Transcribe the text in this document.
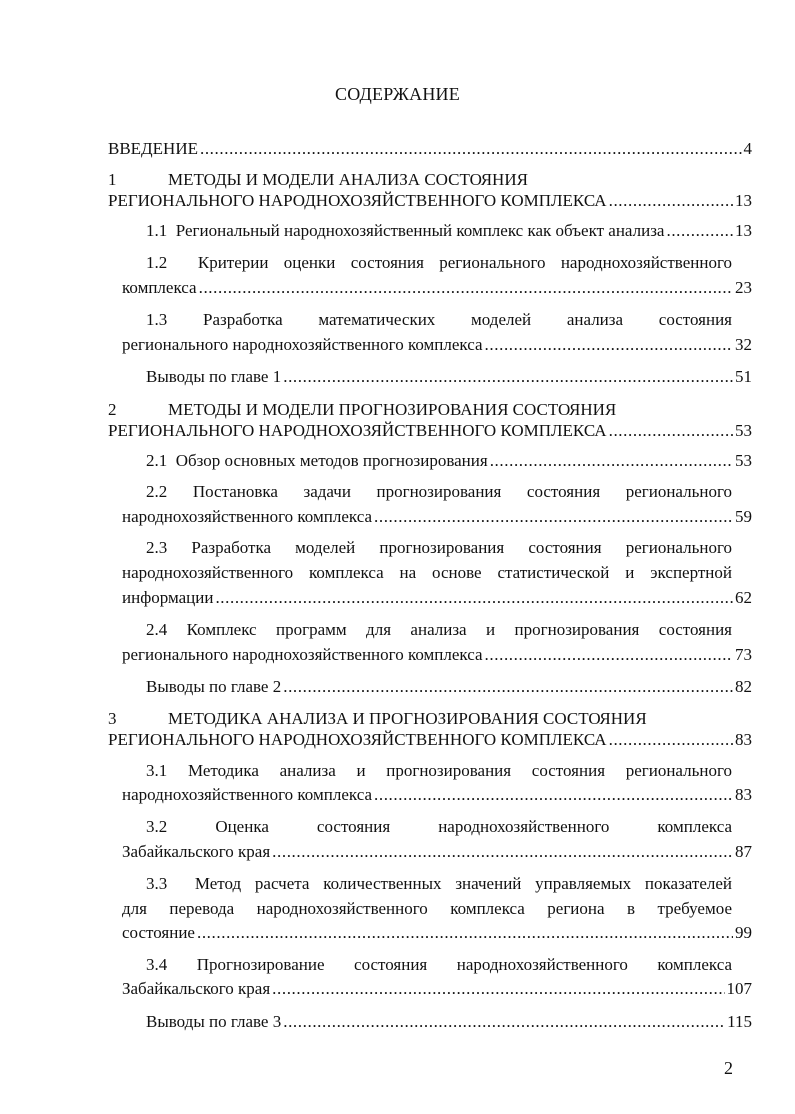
СОДЕРЖАНИЕ
ВВЕДЕНИЕ .....	4
1	МЕТОДЫ И МОДЕЛИ АНАЛИЗА СОСТОЯНИЯ
РЕГИОНАЛЬНОГО НАРОДНОХОЗЯЙСТВЕННОГО КОМПЛЕКСА .....	13
1.1 Региональный народнохозяйственный комплекс как объект анализа .....	13
1.2 Критерии оценки состояния регионального народнохозяйственного
комплекса .....	23
1.3 Разработка математических моделей анализа состояния
регионального народнохозяйственного комплекса .....	32
Выводы по главе 1 .....	51
2	МЕТОДЫ И МОДЕЛИ ПРОГНОЗИРОВАНИЯ СОСТОЯНИЯ
РЕГИОНАЛЬНОГО НАРОДНОХОЗЯЙСТВЕННОГО КОМПЛЕКСА .....	53
2.1 Обзор основных методов прогнозирования .....	53
2.2 Постановка задачи прогнозирования состояния регионального
народнохозяйственного комплекса .....	59
2.3 Разработка моделей прогнозирования состояния регионального
народнохозяйственного комплекса на основе статистической и экспертной
информации .....	62
2.4 Комплекс программ для анализа и прогнозирования состояния
регионального народнохозяйственного комплекса .....	73
Выводы по главе 2 .....	82
3	МЕТОДИКА АНАЛИЗА И ПРОГНОЗИРОВАНИЯ СОСТОЯНИЯ
РЕГИОНАЛЬНОГО НАРОДНОХОЗЯЙСТВЕННОГО КОМПЛЕКСА .....	83
3.1 Методика анализа и прогнозирования состояния регионального
народнохозяйственного комплекса .....	83
3.2	Оценка состояния народнохозяйственного комплекса
Забайкальского края .....	87
3.3 Метод расчета количественных значений управляемых показателей
для перевода народнохозяйственного комплекса региона в требуемое
состояние .....	99
3.4 Прогнозирование состояния народнохозяйственного комплекса
Забайкальского края .....	107
Выводы по главе 3 .....	115
2
